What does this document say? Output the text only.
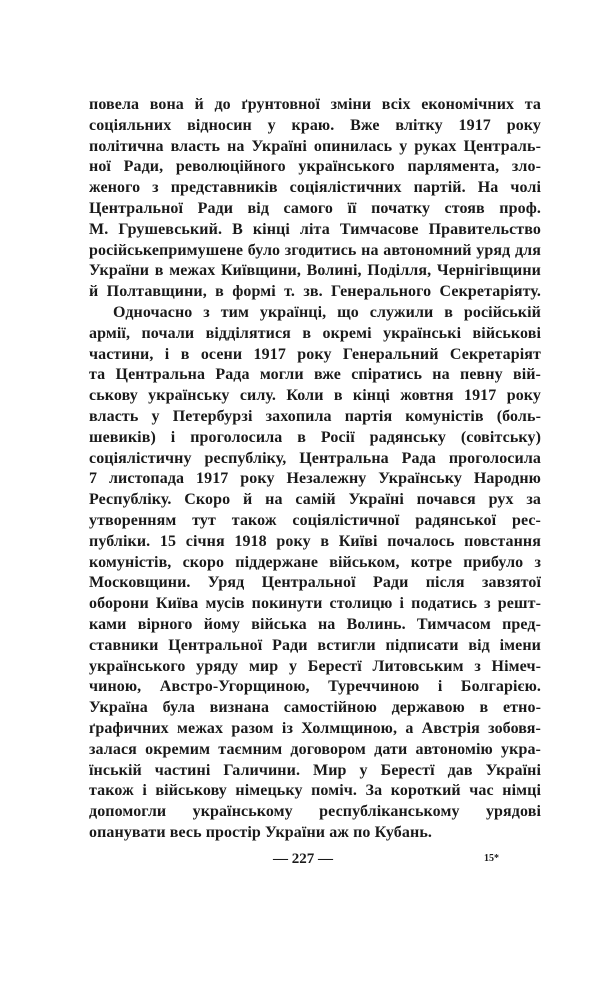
повела вона й до ґрунтовної зміни всіх економічних та
соціяльних відносин у краю. Вже влітку 1917 року
політична власть на Україні опинилась у руках Централь-
ної Ради, революційного українського парлямента, зло-
женого з представників соціялістичних партій. На чолі
Центральної Ради від самого її початку стояв проф.
М. Грушевський. В кінці літа Тимчасове Правительство
російськепримушене було згодитись на автономний уряд для
України в межах Київщини, Волині, Поділля, Чернігівщини
й Полтавщини, в формі т. зв. Генерального Секретаріяту.
Одночасно з тим українці, що служили в російській
армії, почали відділятися в окремі українські військові
частини, і в осени 1917 року Генеральний Секретаріят
та Центральна Рада могли вже спіратись на певну вій-
ськову українську силу. Коли в кінці жовтня 1917 року
власть у Петербурзі захопила партія комуністів (боль-
шевиків) і проголосила в Росії радянську (совітську)
соціялістичну республіку, Центральна Рада проголосила
7 листопада 1917 року Незалежну Українську Народню
Республіку. Скоро й на самій Україні почався рух за
утворенням тут також соціялістичної радянської рес-
публіки. 15 січня 1918 року в Київі почалось повстання
комуністів, скоро піддержане військом, котре прибуло з
Московщини. Уряд Центральної Ради після завзятої
оборони Київа мусів покинути столицю і податись з решт-
ками вірного йому війська на Волинь. Тимчасом пред-
ставники Центральної Ради встигли підписати від імени
українського уряду мир у Берестї Литовським з Німеч-
чиною, Австро-Угорщиною, Туреччиною і Болгарією.
Україна була визнана самостійною державою в етно-
ґрафичних межах разом із Холмщиною, а Австрія зобовя-
залася окремим таємним договором дати автономію укра-
їнській частині Галичини. Мир у Берестї дав Україні
також і військову німецьку поміч. За короткий час німці
допомогли українському республіканському урядові
опанувати весь простір України аж по Кубань.
— 227 —	15*
